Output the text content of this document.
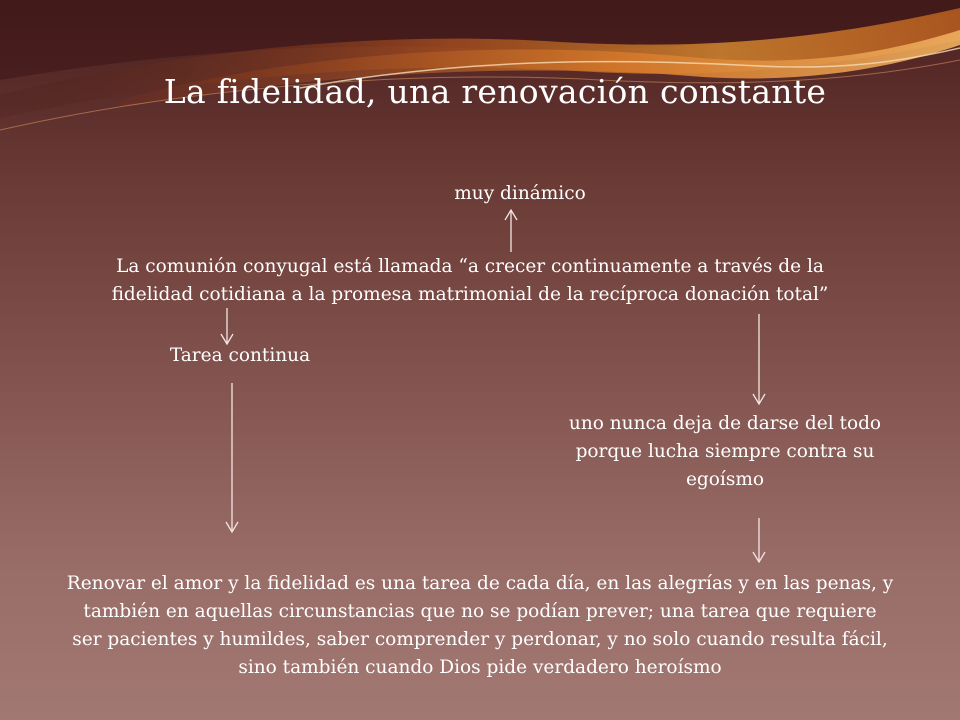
La fidelidad, una renovación constante
muy dinámico
La comunión conyugal está llamada “a crecer continuamente a través de la
fidelidad cotidiana a la promesa matrimonial de la recíproca donación total”
Tarea continua
uno nunca deja de darse del todo
porque lucha siempre contra su
egoísmo
Renovar el amor y la fidelidad es una tarea de cada día, en las alegrías y en las penas, y
también en aquellas circunstancias que no se podían prever; una tarea que requiere
ser pacientes y humildes, saber comprender y perdonar, y no solo cuando resulta fácil,
sino también cuando Dios pide verdadero heroísmo
